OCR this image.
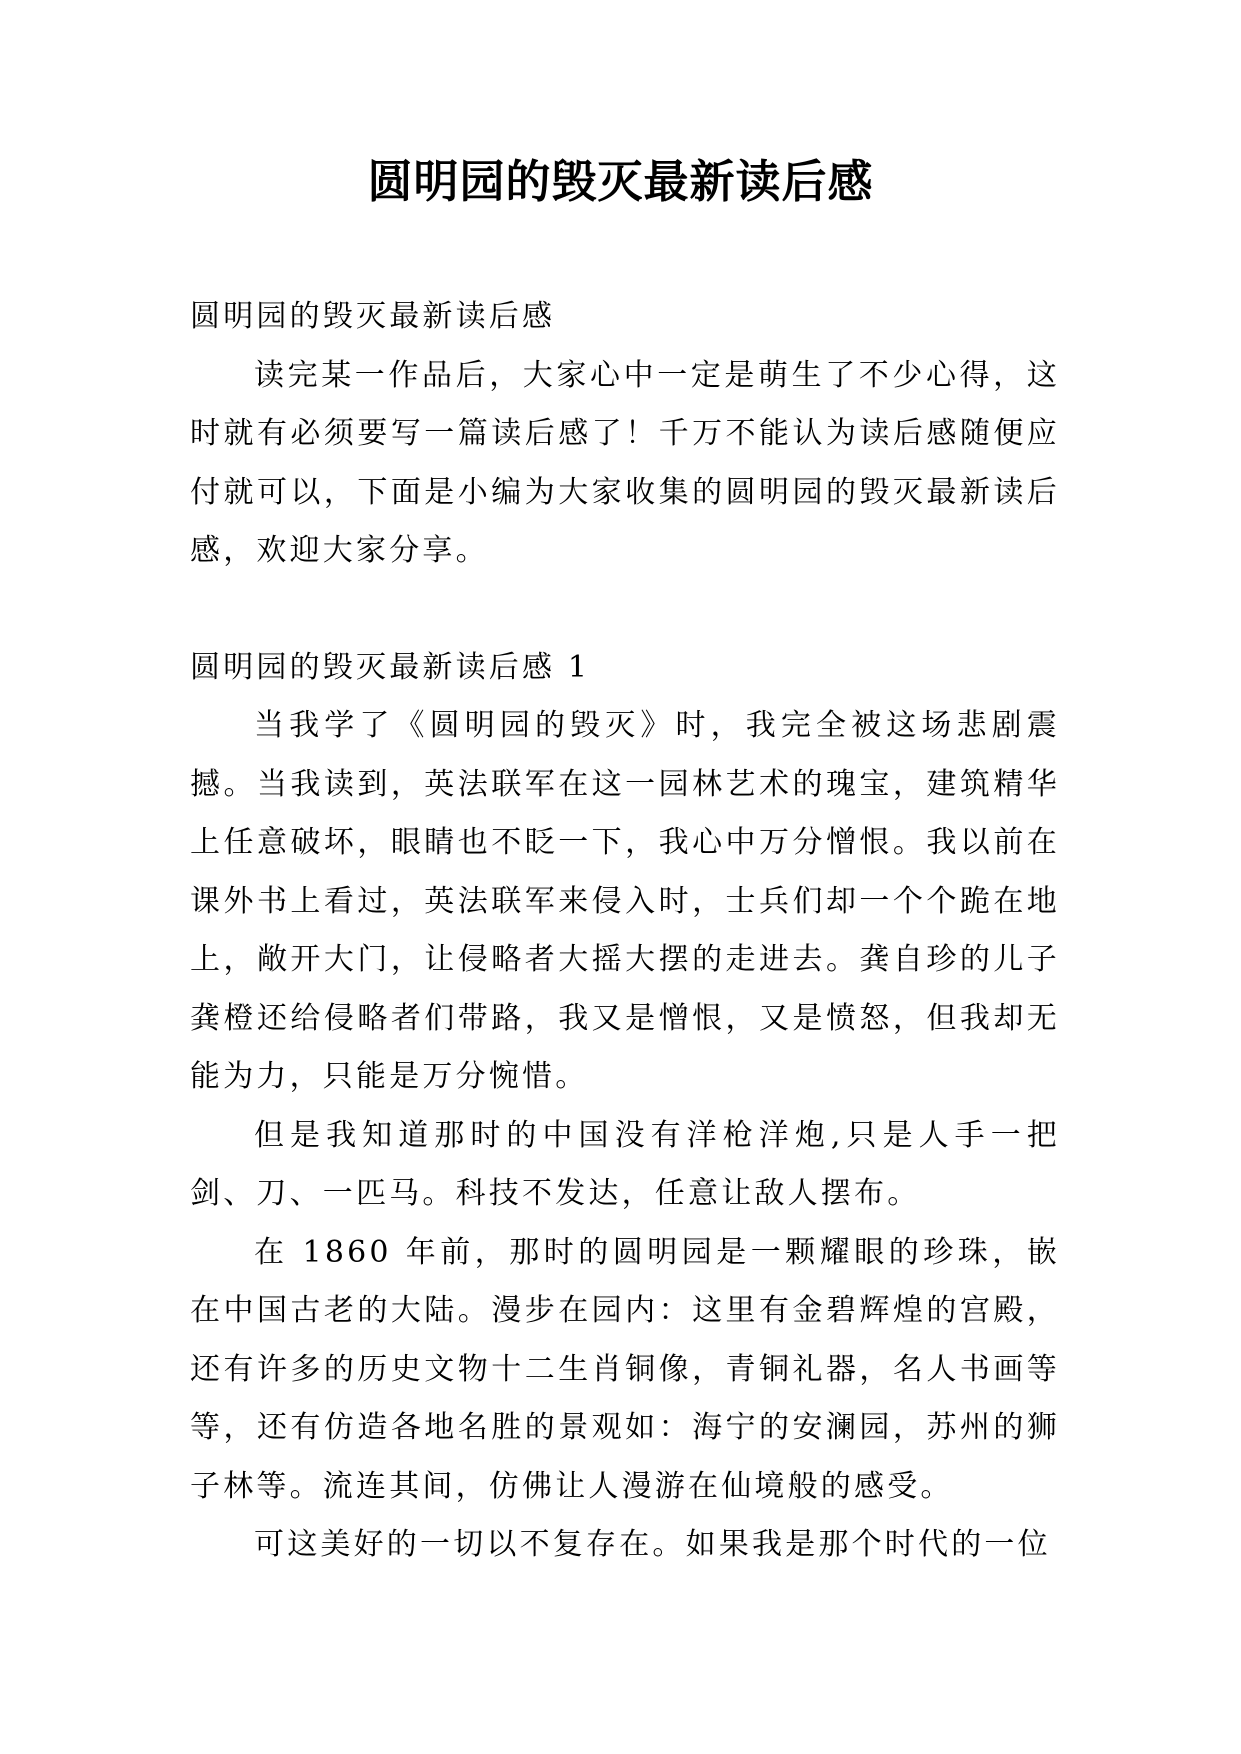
圆明园的毁灭最新读后感

圆明园的毁灭最新读后感

读完某一作品后，大家心中一定是萌生了不少心得，这时就有必须要写一篇读后感了！千万不能认为读后感随便应付就可以，下面是小编为大家收集的圆明园的毁灭最新读后感，欢迎大家分享。

圆明园的毁灭最新读后感 1

当我学了《圆明园的毁灭》时，我完全被这场悲剧震撼。当我读到，英法联军在这一园林艺术的瑰宝，建筑精华上任意破坏，眼睛也不眨一下，我心中万分憎恨。我以前在课外书上看过，英法联军来侵入时，士兵们却一个个跪在地上，敞开大门，让侵略者大摇大摆的走进去。龚自珍的儿子龚橙还给侵略者们带路，我又是憎恨，又是愤怒，但我却无能为力，只能是万分惋惜。

但是我知道那时的中国没有洋枪洋炮,只是人手一把剑、刀、一匹马。科技不发达，任意让敌人摆布。

在 1860 年前，那时的圆明园是一颗耀眼的珍珠，嵌在中国古老的大陆。漫步在园内：这里有金碧辉煌的宫殿，还有许多的历史文物十二生肖铜像，青铜礼器，名人书画等等，还有仿造各地名胜的景观如：海宁的安澜园，苏州的狮子林等。流连其间，仿佛让人漫游在仙境般的感受。

可这美好的一切以不复存在。如果我是那个时代的一位
